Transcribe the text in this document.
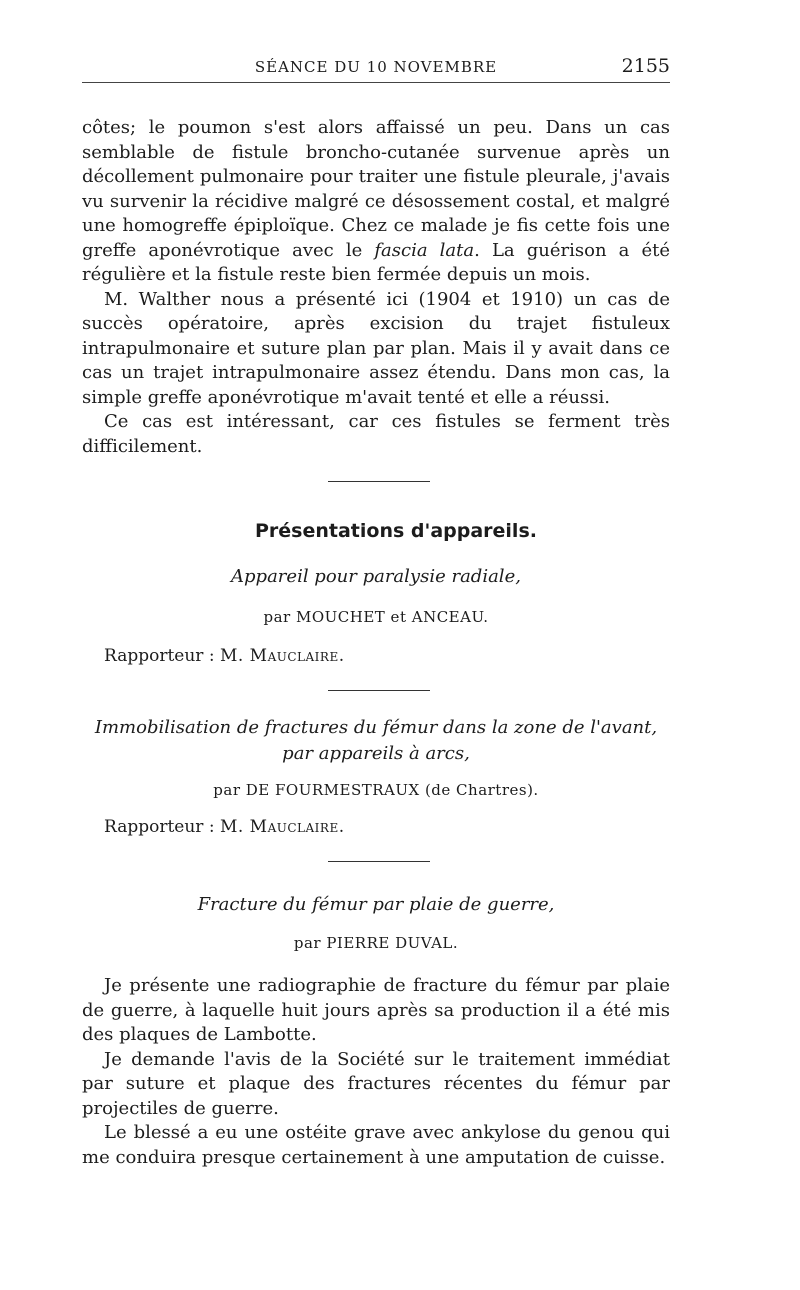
SÉANCE DU 10 NOVEMBRE	2155

côtes; le poumon s'est alors affaissé un peu. Dans un cas semblable de fistule broncho-cutanée survenue après un décollement pulmonaire pour traiter une fistule pleurale, j'avais vu survenir la récidive malgré ce désossement costal, et malgré une homogreffe épiploïque. Chez ce malade je fis cette fois une greffe aponévrotique avec le fascia lata. La guérison a été régulière et la fistule reste bien fermée depuis un mois.

M. Walther nous a présenté ici (1904 et 1910) un cas de succès opératoire, après excision du trajet fistuleux intrapulmonaire et suture plan par plan. Mais il y avait dans ce cas un trajet intrapulmonaire assez étendu. Dans mon cas, la simple greffe aponévrotique m'avait tenté et elle a réussi.

Ce cas est intéressant, car ces fistules se ferment très difficilement.

Présentations d'appareils.
Appareil pour paralysie radiale,
par MOUCHET et ANCEAU.
Rapporteur : M. Mauclaire.
Immobilisation de fractures du fémur dans la zone de l'avant,
par appareils à arcs,
par DE FOURMESTRAUX (de Chartres).
Rapporteur : M. Mauclaire.
Fracture du fémur par plaie de guerre,
par PIERRE DUVAL.

Je présente une radiographie de fracture du fémur par plaie de guerre, à laquelle huit jours après sa production il a été mis des plaques de Lambotte.

Je demande l'avis de la Société sur le traitement immédiat par suture et plaque des fractures récentes du fémur par projectiles de guerre.

Le blessé a eu une ostéite grave avec ankylose du genou qui me conduira presque certainement à une amputation de cuisse.
